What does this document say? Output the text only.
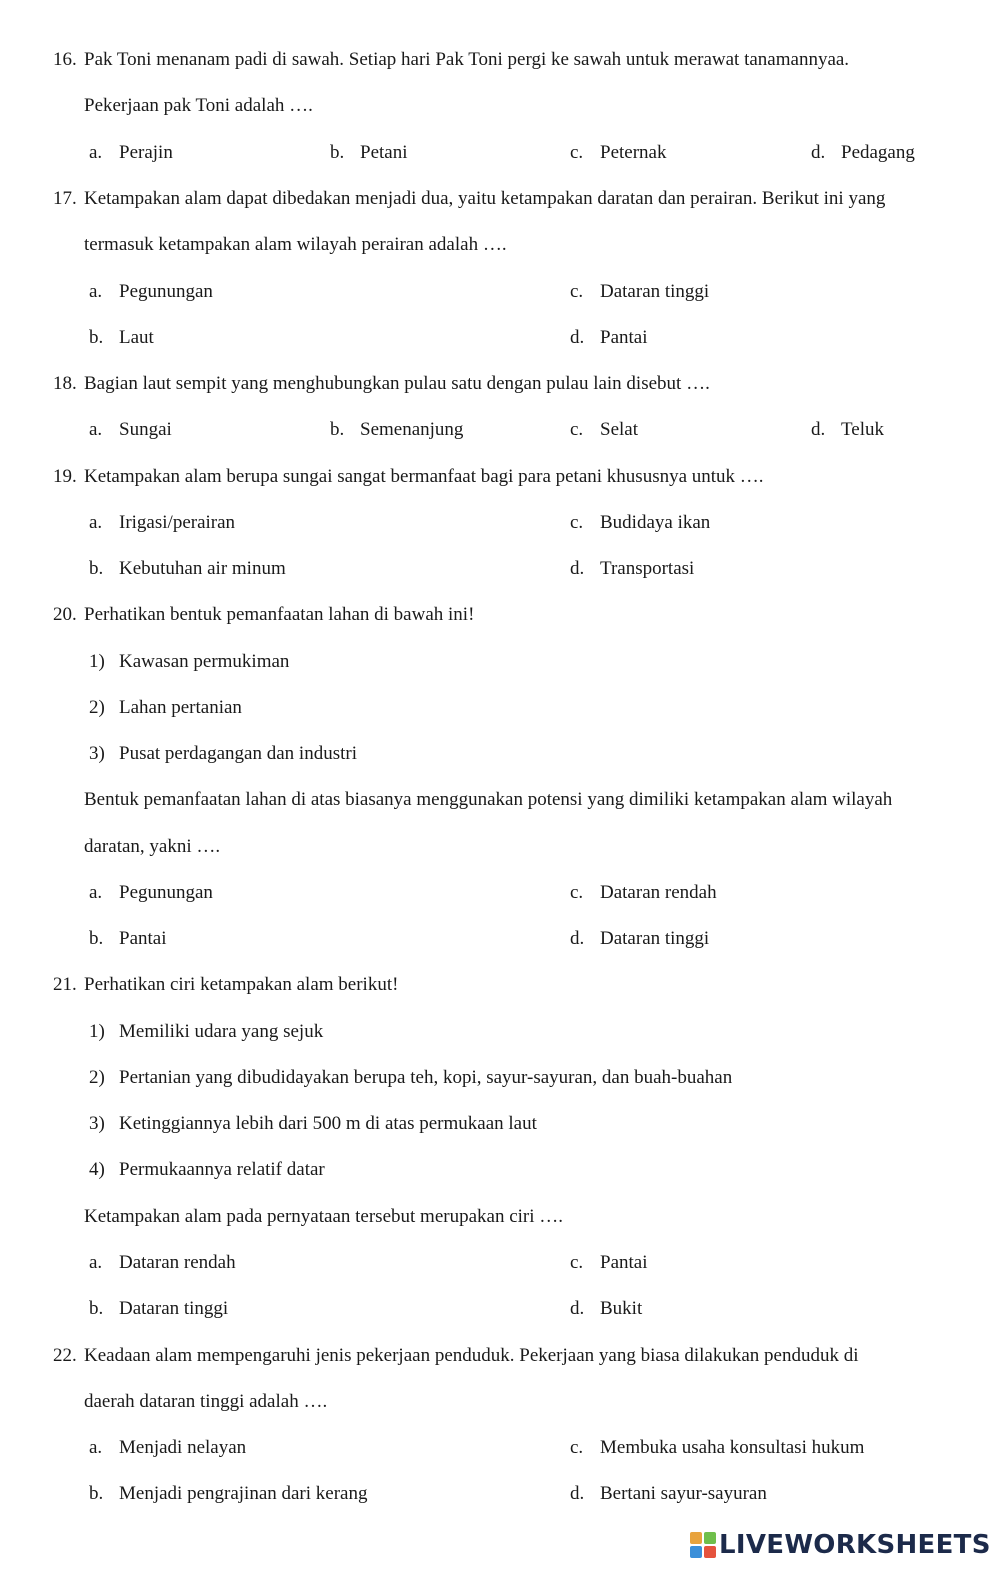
16. Pak Toni menanam padi di sawah. Setiap hari Pak Toni pergi ke sawah untuk merawat tanamannyaa.
Pekerjaan pak Toni adalah ….
a. Perajin	b. Petani	c. Peternak	d. Pedagang
17. Ketampakan alam dapat dibedakan menjadi dua, yaitu ketampakan daratan dan perairan. Berikut ini yang
termasuk ketampakan alam wilayah perairan adalah ….
a. Pegunungan	c. Dataran tinggi
b. Laut	d. Pantai
18. Bagian laut sempit yang menghubungkan pulau satu dengan pulau lain disebut ….
a. Sungai	b. Semenanjung	c. Selat	d. Teluk
19. Ketampakan alam berupa sungai sangat bermanfaat bagi para petani khususnya untuk ….
a. Irigasi/perairan	c. Budidaya ikan
b. Kebutuhan air minum	d. Transportasi
20. Perhatikan bentuk pemanfaatan lahan di bawah ini!
1) Kawasan permukiman
2) Lahan pertanian
3) Pusat perdagangan dan industri
Bentuk pemanfaatan lahan di atas biasanya menggunakan potensi yang dimiliki ketampakan alam wilayah
daratan, yakni ….
a. Pegunungan	c. Dataran rendah
b. Pantai	d. Dataran tinggi
21. Perhatikan ciri ketampakan alam berikut!
1) Memiliki udara yang sejuk
2) Pertanian yang dibudidayakan berupa teh, kopi, sayur-sayuran, dan buah-buahan
3) Ketinggiannya lebih dari 500 m di atas permukaan laut
4) Permukaannya relatif datar
Ketampakan alam pada pernyataan tersebut merupakan ciri ….
a. Dataran rendah	c. Pantai
b. Dataran tinggi	d. Bukit
22. Keadaan alam mempengaruhi jenis pekerjaan penduduk. Pekerjaan yang biasa dilakukan penduduk di
daerah dataran tinggi adalah ….
a. Menjadi nelayan	c. Membuka usaha konsultasi hukum
b. Menjadi pengrajinan dari kerang	d. Bertani sayur-sayuran
LIVEWORKSHEETS
